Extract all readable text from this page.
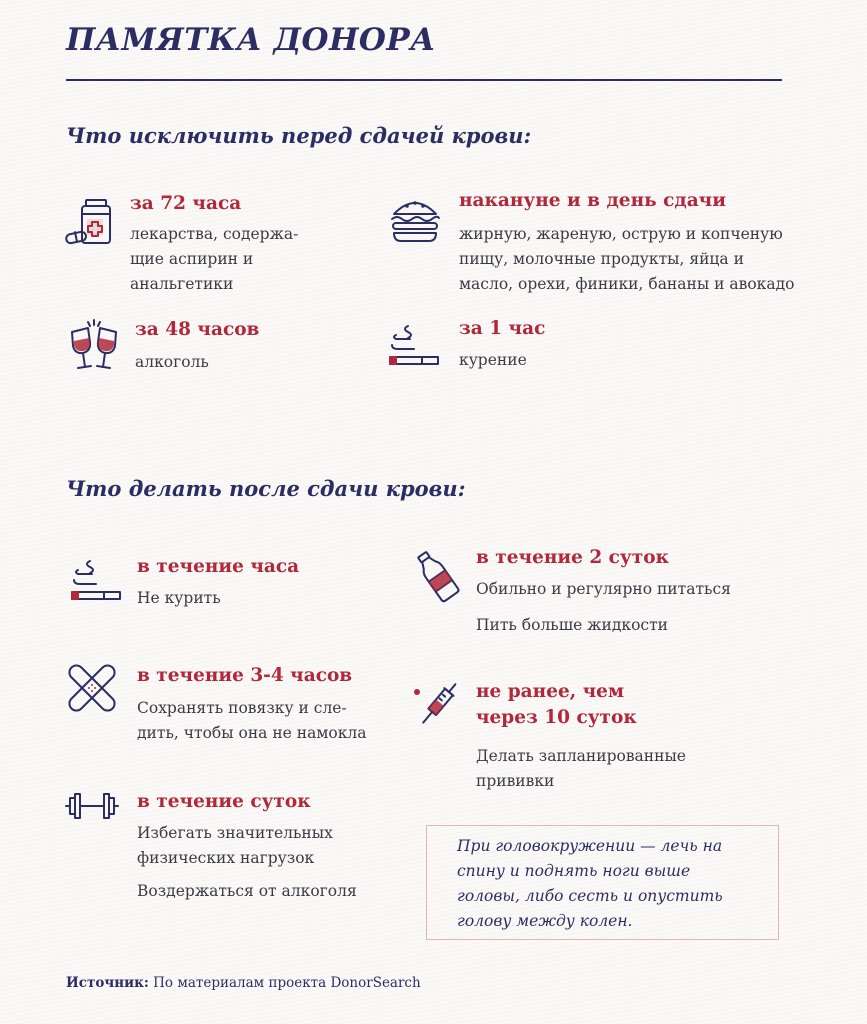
ПАМЯТКА ДОНОРА
Что исключить перед сдачей крови:
за 72 часа
лекарства, содержа-
щие аспирин и
анальгетики
накануне и в день сдачи
жирную, жареную, острую и копченую
пищу, молочные продукты, яйца и
масло, орехи, финики, бананы и авокадо
за 48 часов
алкоголь
за 1 час
курение
Что делать после сдачи крови:
в течение часа
Не курить
в течение 2 суток
Обильно и регулярно питаться
Пить больше жидкости
в течение 3-4 часов
Сохранять повязку и сле-
дить, чтобы она не намокла
не ранее, чем
через 10 суток
Делать запланированные
прививки
в течение суток
Избегать значительных
физических нагрузок
Воздержаться от алкоголя
При головокружении — лечь на
спину и поднять ноги выше
головы, либо сесть и опустить
голову между колен.
Источник: По материалам проекта DonorSearch
